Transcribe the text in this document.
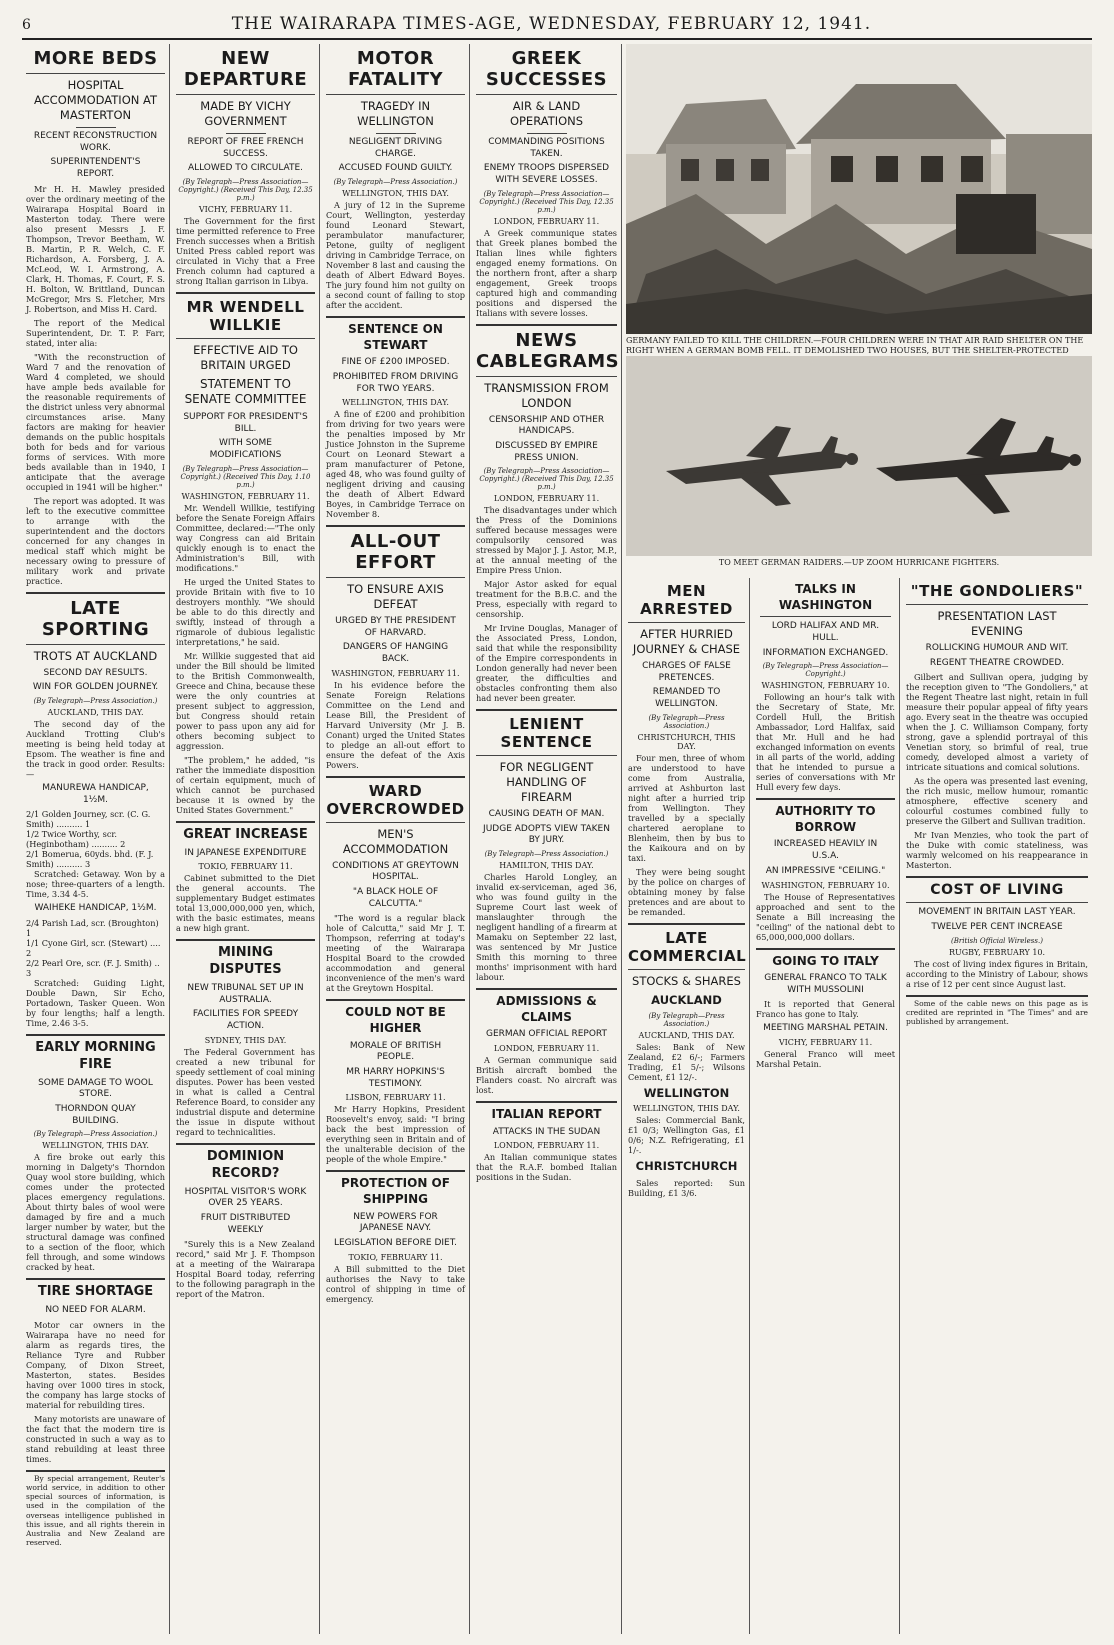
6	THE WAIRARAPA TIMES-AGE, WEDNESDAY, FEBRUARY 12, 1941.
MORE BEDS
HOSPITAL ACCOMMODATION AT MASTERTON
RECENT RECONSTRUCTION WORK.
SUPERINTENDENT'S REPORT.

Mr H. H. Mawley presided over the ordinary meeting of the Wairarapa Hospital Board in Masterton today. There were also present Messrs J. F. Thompson, Trevor Beetham, W. B. Martin, P. R. Welch, C. F. Richardson, A. Forsberg, J. A. McLeod, W. I. Armstrong, A. Clark, H. Thomas, F. Court, F. S. H. Bolton, W. Brittland, Duncan McGregor, Mrs S. Fletcher, Mrs J. Robertson, and Miss H. Card.

The report of the Medical Superintendent, Dr. T. P. Farr, stated, inter alia:

"With the reconstruction of Ward 7 and the renovation of Ward 4 completed, we should have ample beds available for the reasonable requirements of the district unless very abnormal circumstances arise. Many factors are making for heavier demands on the public hospitals both for beds and for various forms of services. With more beds available than in 1940, I anticipate that the average occupied in 1941 will be higher."

The report was adopted. It was left to the executive committee to arrange with the superintendent and the doctors concerned for any changes in medical staff which might be necessary owing to pressure of military work and private practice.

LATE SPORTING
TROTS AT AUCKLAND
SECOND DAY RESULTS.
WIN FOR GOLDEN JOURNEY.
(By Telegraph—Press Association.)
AUCKLAND, THIS DAY.

The second day of the Auckland Trotting Club's meeting is being held today at Epsom. The weather is fine and the track in good order. Results:—

MANUREWA HANDICAP, 1½M.

2/1 Golden Journey, scr. (C. G. Smith) .......... 1

1/2 Twice Worthy, scr. (Heginbotham) .......... 2

2/1 Bomerua, 60yds. bhd. (F. J. Smith) .......... 3

Scratched: Getaway. Won by a nose; three-quarters of a length. Time, 3.34 4-5.

WAIHEKE HANDICAP, 1½M.

2/4 Parish Lad, scr. (Broughton) 1

1/1 Cyone Girl, scr. (Stewart) .... 2

2/2 Pearl Ore, scr. (F. J. Smith) .. 3

Scratched: Guiding Light, Double Dawn, Sir Echo, Portadown, Tasker Queen. Won by four lengths; half a length. Time, 2.46 3-5.

EARLY MORNING FIRE
SOME DAMAGE TO WOOL STORE.
THORNDON QUAY BUILDING.
(By Telegraph—Press Association.)
WELLINGTON, THIS DAY.

A fire broke out early this morning in Dalgety's Thorndon Quay wool store building, which comes under the protected places emergency regulations. About thirty bales of wool were damaged by fire and a much larger number by water, but the structural damage was confined to a section of the floor, which fell through, and some windows cracked by heat.

TIRE SHORTAGE
NO NEED FOR ALARM.

Motor car owners in the Wairarapa have no need for alarm as regards tires, the Reliance Tyre and Rubber Company, of Dixon Street, Masterton, states. Besides having over 1000 tires in stock, the company has large stocks of material for rebuilding tires.

Many motorists are unaware of the fact that the modern tire is constructed in such a way as to stand rebuilding at least three times.

By special arrangement, Reuter's world service, in addition to other special sources of information, is used in the compilation of the overseas intelligence published in this issue, and all rights therein in Australia and New Zealand are reserved.

NEW DEPARTURE
MADE BY VICHY GOVERNMENT
REPORT OF FREE FRENCH SUCCESS.
ALLOWED TO CIRCULATE.
(By Telegraph—Press Association—Copyright.) (Received This Day, 12.35 p.m.)
VICHY, FEBRUARY 11.

The Government for the first time permitted reference to Free French successes when a British United Press cabled report was circulated in Vichy that a Free French column had captured a strong Italian garrison in Libya.

MR WENDELL WILLKIE
EFFECTIVE AID TO BRITAIN URGED
STATEMENT TO SENATE COMMITTEE
SUPPORT FOR PRESIDENT'S BILL.
WITH SOME MODIFICATIONS
(By Telegraph—Press Association—Copyright.) (Received This Day, 1.10 p.m.)
WASHINGTON, FEBRUARY 11.

Mr. Wendell Willkie, testifying before the Senate Foreign Affairs Committee, declared:—"The only way Congress can aid Britain quickly enough is to enact the Administration's Bill, with modifications."

He urged the United States to provide Britain with five to 10 destroyers monthly. "We should be able to do this directly and swiftly, instead of through a rigmarole of dubious legalistic interpretations," he said.

Mr. Willkie suggested that aid under the Bill should be limited to the British Commonwealth, Greece and China, because these were the only countries at present subject to aggression, but Congress should retain power to pass upon any aid for others becoming subject to aggression.

"The problem," he added, "is rather the immediate disposition of certain equipment, much of which cannot be purchased because it is owned by the United States Government."

GREAT INCREASE
IN JAPANESE EXPENDITURE
TOKIO, FEBRUARY 11.

Cabinet submitted to the Diet the general accounts. The supplementary Budget estimates total 13,000,000,000 yen, which, with the basic estimates, means a new high grant.

MINING DISPUTES
NEW TRIBUNAL SET UP IN AUSTRALIA.
FACILITIES FOR SPEEDY ACTION.
SYDNEY, THIS DAY.

The Federal Government has created a new tribunal for speedy settlement of coal mining disputes. Power has been vested in what is called a Central Reference Board, to consider any industrial dispute and determine the issue in dispute without regard to technicalities.

DOMINION RECORD?
HOSPITAL VISITOR'S WORK OVER 25 YEARS.
FRUIT DISTRIBUTED WEEKLY

"Surely this is a New Zealand record," said Mr J. F. Thompson at a meeting of the Wairarapa Hospital Board today, referring to the following paragraph in the report of the Matron.

MOTOR FATALITY
TRAGEDY IN WELLINGTON
NEGLIGENT DRIVING CHARGE.
ACCUSED FOUND GUILTY.
(By Telegraph—Press Association.)
WELLINGTON, THIS DAY.

A jury of 12 in the Supreme Court, Wellington, yesterday found Leonard Stewart, perambulator manufacturer, Petone, guilty of negligent driving in Cambridge Terrace, on November 8 last and causing the death of Albert Edward Boyes. The jury found him not guilty on a second count of failing to stop after the accident.

SENTENCE ON STEWART
FINE OF £200 IMPOSED.
PROHIBITED FROM DRIVING FOR TWO YEARS.
WELLINGTON, THIS DAY.

A fine of £200 and prohibition from driving for two years were the penalties imposed by Mr Justice Johnston in the Supreme Court on Leonard Stewart a pram manufacturer of Petone, aged 48, who was found guilty of negligent driving and causing the death of Albert Edward Boyes, in Cambridge Terrace on November 8.

ALL-OUT EFFORT
TO ENSURE AXIS DEFEAT
URGED BY THE PRESIDENT OF HARVARD.
DANGERS OF HANGING BACK.
WASHINGTON, FEBRUARY 11.

In his evidence before the Senate Foreign Relations Committee on the Lend and Lease Bill, the President of Harvard University (Mr J. B. Conant) urged the United States to pledge an all-out effort to ensure the defeat of the Axis Powers.

WARD OVERCROWDED
MEN'S ACCOMMODATION
CONDITIONS AT GREYTOWN HOSPITAL.
"A BLACK HOLE OF CALCUTTA."

"The word is a regular black hole of Calcutta," said Mr J. T. Thompson, referring at today's meeting of the Wairarapa Hospital Board to the crowded accommodation and general inconvenience of the men's ward at the Greytown Hospital.

COULD NOT BE HIGHER
MORALE OF BRITISH PEOPLE.
MR HARRY HOPKINS'S TESTIMONY.
LISBON, FEBRUARY 11.

Mr Harry Hopkins, President Roosevelt's envoy, said: "I bring back the best impression of everything seen in Britain and of the unalterable decision of the people of the whole Empire."

PROTECTION OF SHIPPING
NEW POWERS FOR JAPANESE NAVY.
LEGISLATION BEFORE DIET.
TOKIO, FEBRUARY 11.

A Bill submitted to the Diet authorises the Navy to take control of shipping in time of emergency.

GREEK SUCCESSES
AIR & LAND OPERATIONS
COMMANDING POSITIONS TAKEN.
ENEMY TROOPS DISPERSED WITH SEVERE LOSSES.
(By Telegraph—Press Association—Copyright.) (Received This Day, 12.35 p.m.)
LONDON, FEBRUARY 11.

A Greek communique states that Greek planes bombed the Italian lines while fighters engaged enemy formations. On the northern front, after a sharp engagement, Greek troops captured high and commanding positions and dispersed the Italians with severe losses.

NEWS CABLEGRAMS
TRANSMISSION FROM LONDON
CENSORSHIP AND OTHER HANDICAPS.
DISCUSSED BY EMPIRE PRESS UNION.
(By Telegraph—Press Association—Copyright.) (Received This Day, 12.35 p.m.)
LONDON, FEBRUARY 11.

The disadvantages under which the Press of the Dominions suffered because messages were compulsorily censored was stressed by Major J. J. Astor, M.P., at the annual meeting of the Empire Press Union.

Major Astor asked for equal treatment for the B.B.C. and the Press, especially with regard to censorship.

Mr Irvine Douglas, Manager of the Associated Press, London, said that while the responsibility of the Empire correspondents in London generally had never been greater, the difficulties and obstacles confronting them also had never been greater.

LENIENT SENTENCE
FOR NEGLIGENT HANDLING OF FIREARM
CAUSING DEATH OF MAN.
JUDGE ADOPTS VIEW TAKEN BY JURY.
(By Telegraph—Press Association.)
HAMILTON, THIS DAY.

Charles Harold Longley, an invalid ex-serviceman, aged 36, who was found guilty in the Supreme Court last week of manslaughter through the negligent handling of a firearm at Mamaku on September 22 last, was sentenced by Mr Justice Smith this morning to three months' imprisonment with hard labour.

ADMISSIONS & CLAIMS
GERMAN OFFICIAL REPORT
LONDON, FEBRUARY 11.

A German communique said British aircraft bombed the Flanders coast. No aircraft was lost.

ITALIAN REPORT
ATTACKS IN THE SUDAN
LONDON, FEBRUARY 11.

An Italian communique states that the R.A.F. bombed Italian positions in the Sudan.

GERMANY FAILED TO KILL THE CHILDREN.—FOUR CHILDREN WERE IN THAT AIR RAID SHELTER ON THE RIGHT WHEN A GERMAN BOMB FELL. IT DEMOLISHED TWO HOUSES, BUT THE SHELTER-PROTECTED
TO MEET GERMAN RAIDERS.—UP ZOOM HURRICANE FIGHTERS.
MEN ARRESTED
AFTER HURRIED JOURNEY & CHASE
CHARGES OF FALSE PRETENCES.
REMANDED TO WELLINGTON.
(By Telegraph—Press Association.)
CHRISTCHURCH, THIS DAY.

Four men, three of whom are understood to have come from Australia, arrived at Ashburton last night after a hurried trip from Wellington. They travelled by a specially chartered aeroplane to Blenheim, then by bus to the Kaikoura and on by taxi.

They were being sought by the police on charges of obtaining money by false pretences and are about to be remanded.

LATE COMMERCIAL
STOCKS & SHARES
AUCKLAND
(By Telegraph—Press Association.)
AUCKLAND, THIS DAY.

Sales: Bank of New Zealand, £2 6/-; Farmers Trading, £1 5/-; Wilsons Cement, £1 12/-.

WELLINGTON
WELLINGTON, THIS DAY.

Sales: Commercial Bank, £1 0/3; Wellington Gas, £1 0/6; N.Z. Refrigerating, £1 1/-.

CHRISTCHURCH

Sales reported: Sun Building, £1 3/6.

TALKS IN WASHINGTON
LORD HALIFAX AND MR. HULL.
INFORMATION EXCHANGED.
(By Telegraph—Press Association—Copyright.)
WASHINGTON, FEBRUARY 10.

Following an hour's talk with the Secretary of State, Mr. Cordell Hull, the British Ambassador, Lord Halifax, said that Mr. Hull and he had exchanged information on events in all parts of the world, adding that he intended to pursue a series of conversations with Mr Hull every few days.

AUTHORITY TO BORROW
INCREASED HEAVILY IN U.S.A.
AN IMPRESSIVE "CEILING."
WASHINGTON, FEBRUARY 10.

The House of Representatives approached and sent to the Senate a Bill increasing the "ceiling" of the national debt to 65,000,000,000 dollars.

GOING TO ITALY
GENERAL FRANCO TO TALK WITH MUSSOLINI

It is reported that General Franco has gone to Italy.

MEETING MARSHAL PETAIN.
VICHY, FEBRUARY 11.

General Franco will meet Marshal Petain.

"THE GONDOLIERS"
PRESENTATION LAST EVENING
ROLLICKING HUMOUR AND WIT.
REGENT THEATRE CROWDED.

Gilbert and Sullivan opera, judging by the reception given to "The Gondoliers," at the Regent Theatre last night, retain in full measure their popular appeal of fifty years ago. Every seat in the theatre was occupied when the J. C. Williamson Company, forty strong, gave a splendid portrayal of this Venetian story, so brimful of real, true comedy, developed almost a variety of intricate situations and comical solutions.

As the opera was presented last evening, the rich music, mellow humour, romantic atmosphere, effective scenery and colourful costumes combined fully to preserve the Gilbert and Sullivan tradition.

Mr Ivan Menzies, who took the part of the Duke with comic stateliness, was warmly welcomed on his reappearance in Masterton.

COST OF LIVING
MOVEMENT IN BRITAIN LAST YEAR.
TWELVE PER CENT INCREASE
(British Official Wireless.)
RUGBY, FEBRUARY 10.

The cost of living index figures in Britain, according to the Ministry of Labour, shows a rise of 12 per cent since August last.

Some of the cable news on this page as is credited are reprinted in "The Times" and are published by arrangement.
